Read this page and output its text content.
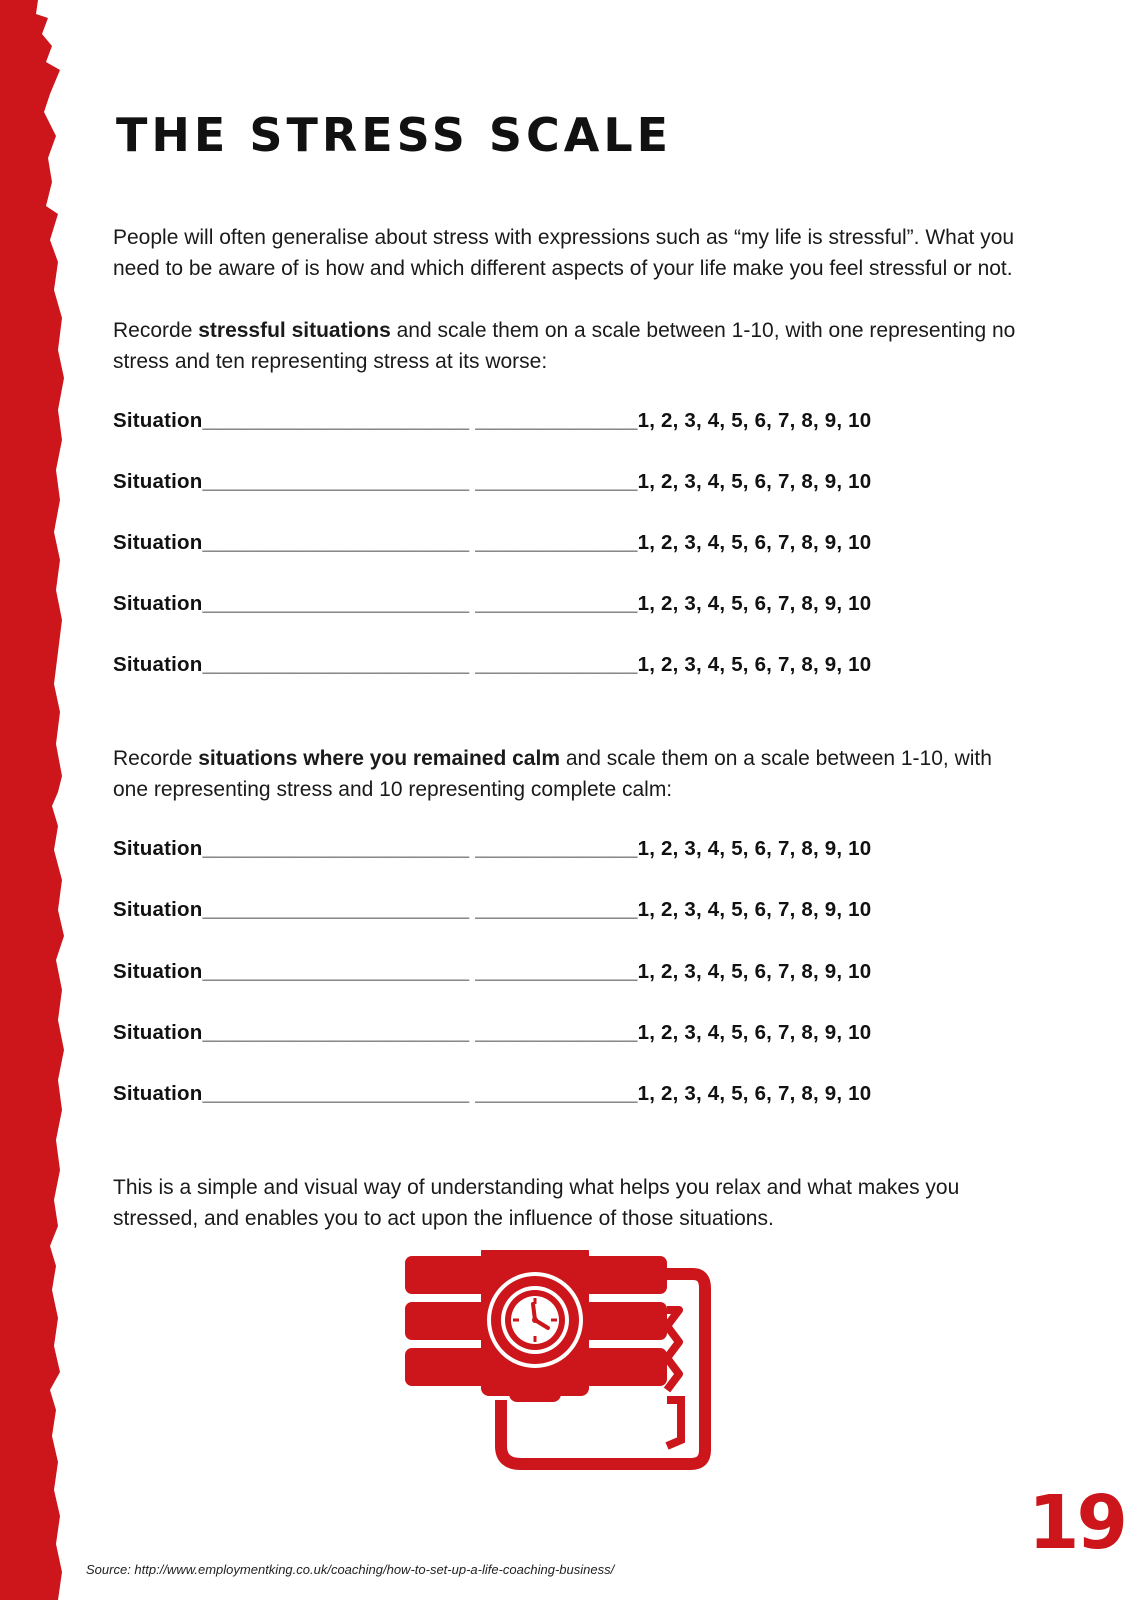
THE STRESS SCALE

People will often generalise about stress with expressions such as “my life is stressful”. What you
need to be aware of is how and which different aspects of your life make you feel stressful or not.

Recorde stressful situations and scale them on a scale between 1-10, with one representing no
stress and ten representing stress at its worse:

Situation_______________________ ______________1, 2, 3, 4, 5, 6, 7, 8, 9, 10

Situation_______________________ ______________1, 2, 3, 4, 5, 6, 7, 8, 9, 10

Situation_______________________ ______________1, 2, 3, 4, 5, 6, 7, 8, 9, 10

Situation_______________________ ______________1, 2, 3, 4, 5, 6, 7, 8, 9, 10

Situation_______________________ ______________1, 2, 3, 4, 5, 6, 7, 8, 9, 10

Recorde situations where you remained calm and scale them on a scale between 1-10, with
one representing stress and 10 representing complete calm:

Situation_______________________ ______________1, 2, 3, 4, 5, 6, 7, 8, 9, 10

Situation_______________________ ______________1, 2, 3, 4, 5, 6, 7, 8, 9, 10

Situation_______________________ ______________1, 2, 3, 4, 5, 6, 7, 8, 9, 10

Situation_______________________ ______________1, 2, 3, 4, 5, 6, 7, 8, 9, 10

Situation_______________________ ______________1, 2, 3, 4, 5, 6, 7, 8, 9, 10

This is a simple and visual way of understanding what helps you relax and what makes you
stressed, and enables you to act upon the influence of those situations.

19
Source: http://www.employmentking.co.uk/coaching/how-to-set-up-a-life-coaching-business/
